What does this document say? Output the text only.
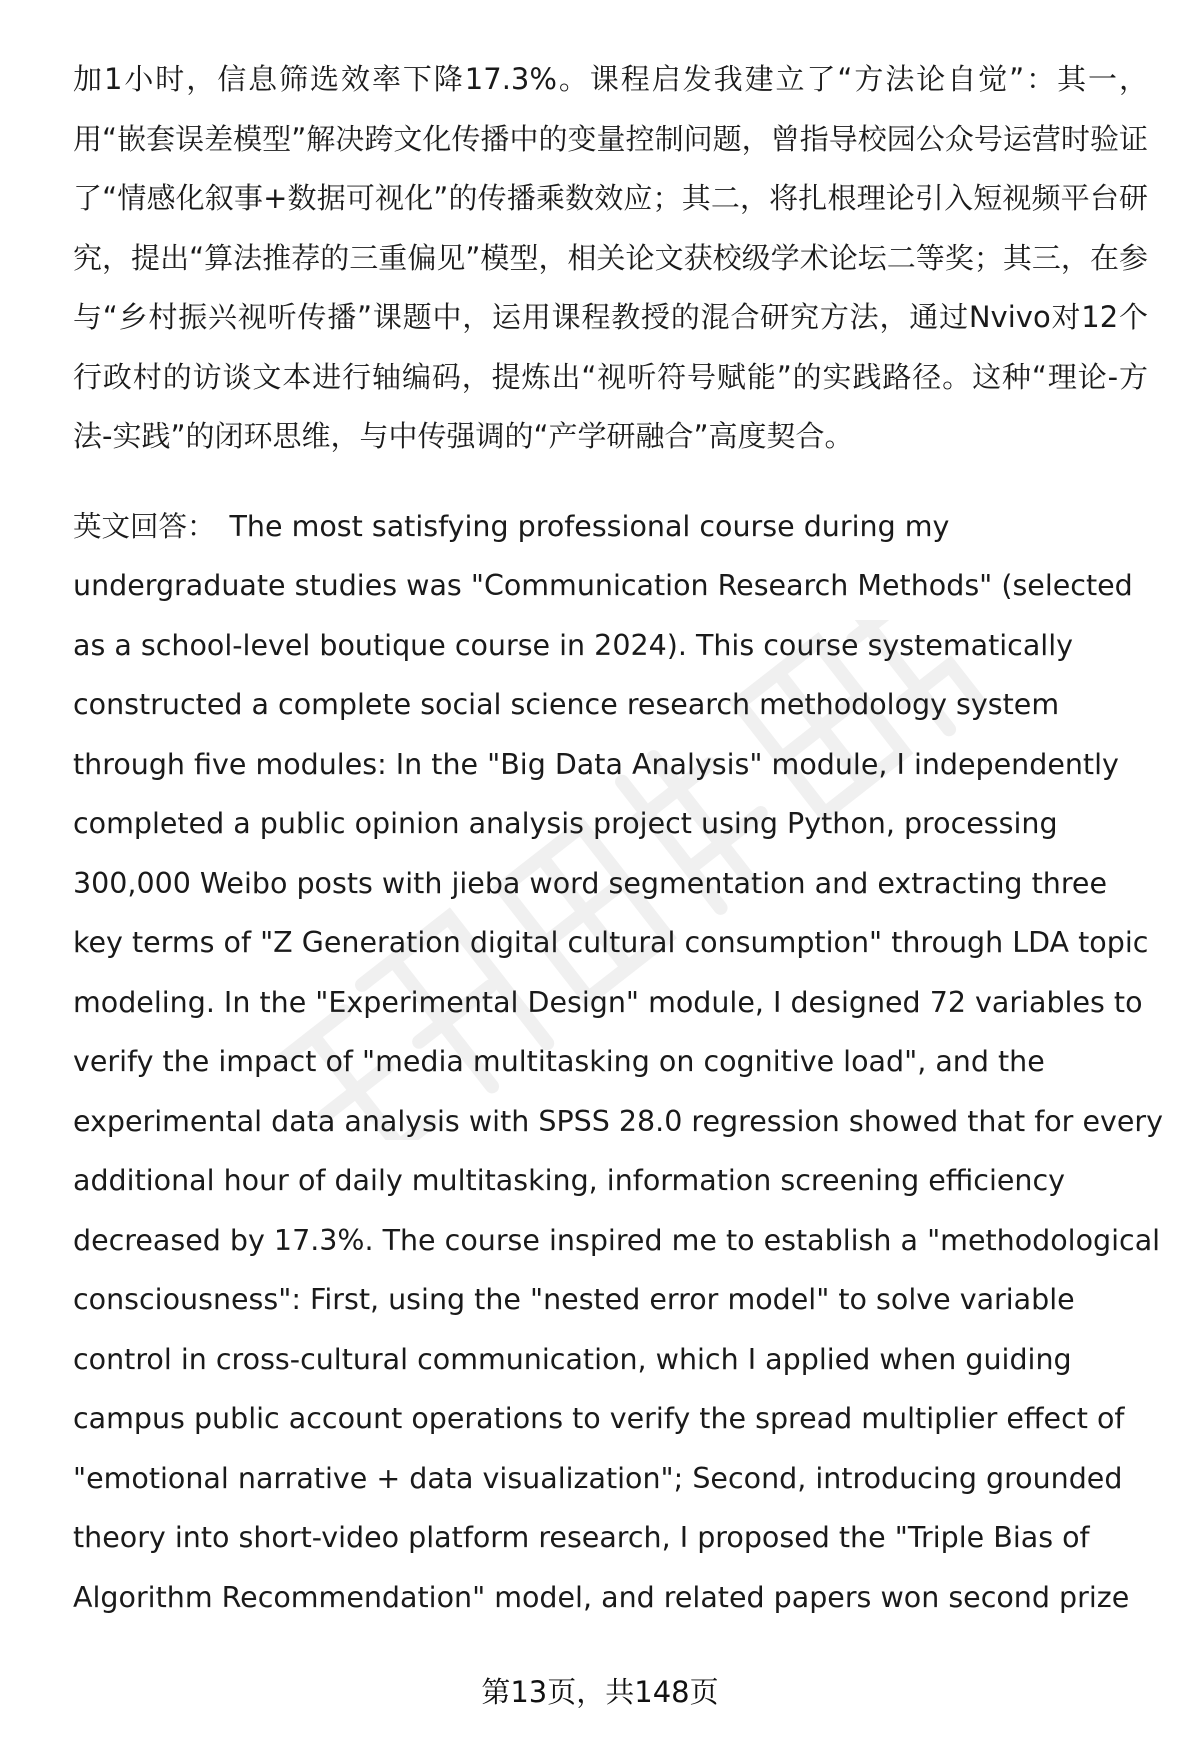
加1小时，信息筛选效率下降17.3%。课程启发我建立了“方法论自觉”：其一，用“嵌套误差模型”解决跨文化传播中的变量控制问题，曾指导校园公众号运营时验证了“情感化叙事+数据可视化”的传播乘数效应；其二，将扎根理论引入短视频平台研究，提出“算法推荐的三重偏见”模型，相关论文获校级学术论坛二等奖；其三，在参与“乡村振兴视听传播”课题中，运用课程教授的混合研究方法，通过Nvivo对12个行政村的访谈文本进行轴编码，提炼出“视听符号赋能”的实践路径。这种“理论-方法-实践”的闭环思维，与中传强调的“产学研融合”高度契合。

英文回答： The most satisfying professional course during my undergraduate studies was "Communication Research Methods" (selected as a school-level boutique course in 2024). This course systematically constructed a complete social science research methodology system through five modules: In the "Big Data Analysis" module, I independently completed a public opinion analysis project using Python, processing 300,000 Weibo posts with jieba word segmentation and extracting three key terms of "Z Generation digital cultural consumption" through LDA topic modeling. In the "Experimental Design" module, I designed 72 variables to verify the impact of "media multitasking on cognitive load", and the experimental data analysis with SPSS 28.0 regression showed that for every additional hour of daily multitasking, information screening efficiency decreased by 17.3%. The course inspired me to establish a "methodological consciousness": First, using the "nested error model" to solve variable control in cross-cultural communication, which I applied when guiding campus public account operations to verify the spread multiplier effect of "emotional narrative + data visualization"; Second, introducing grounded theory into short-video platform research, I proposed the "Triple Bias of Algorithm Recommendation" model, and related papers won second prize

第13页，共148页
